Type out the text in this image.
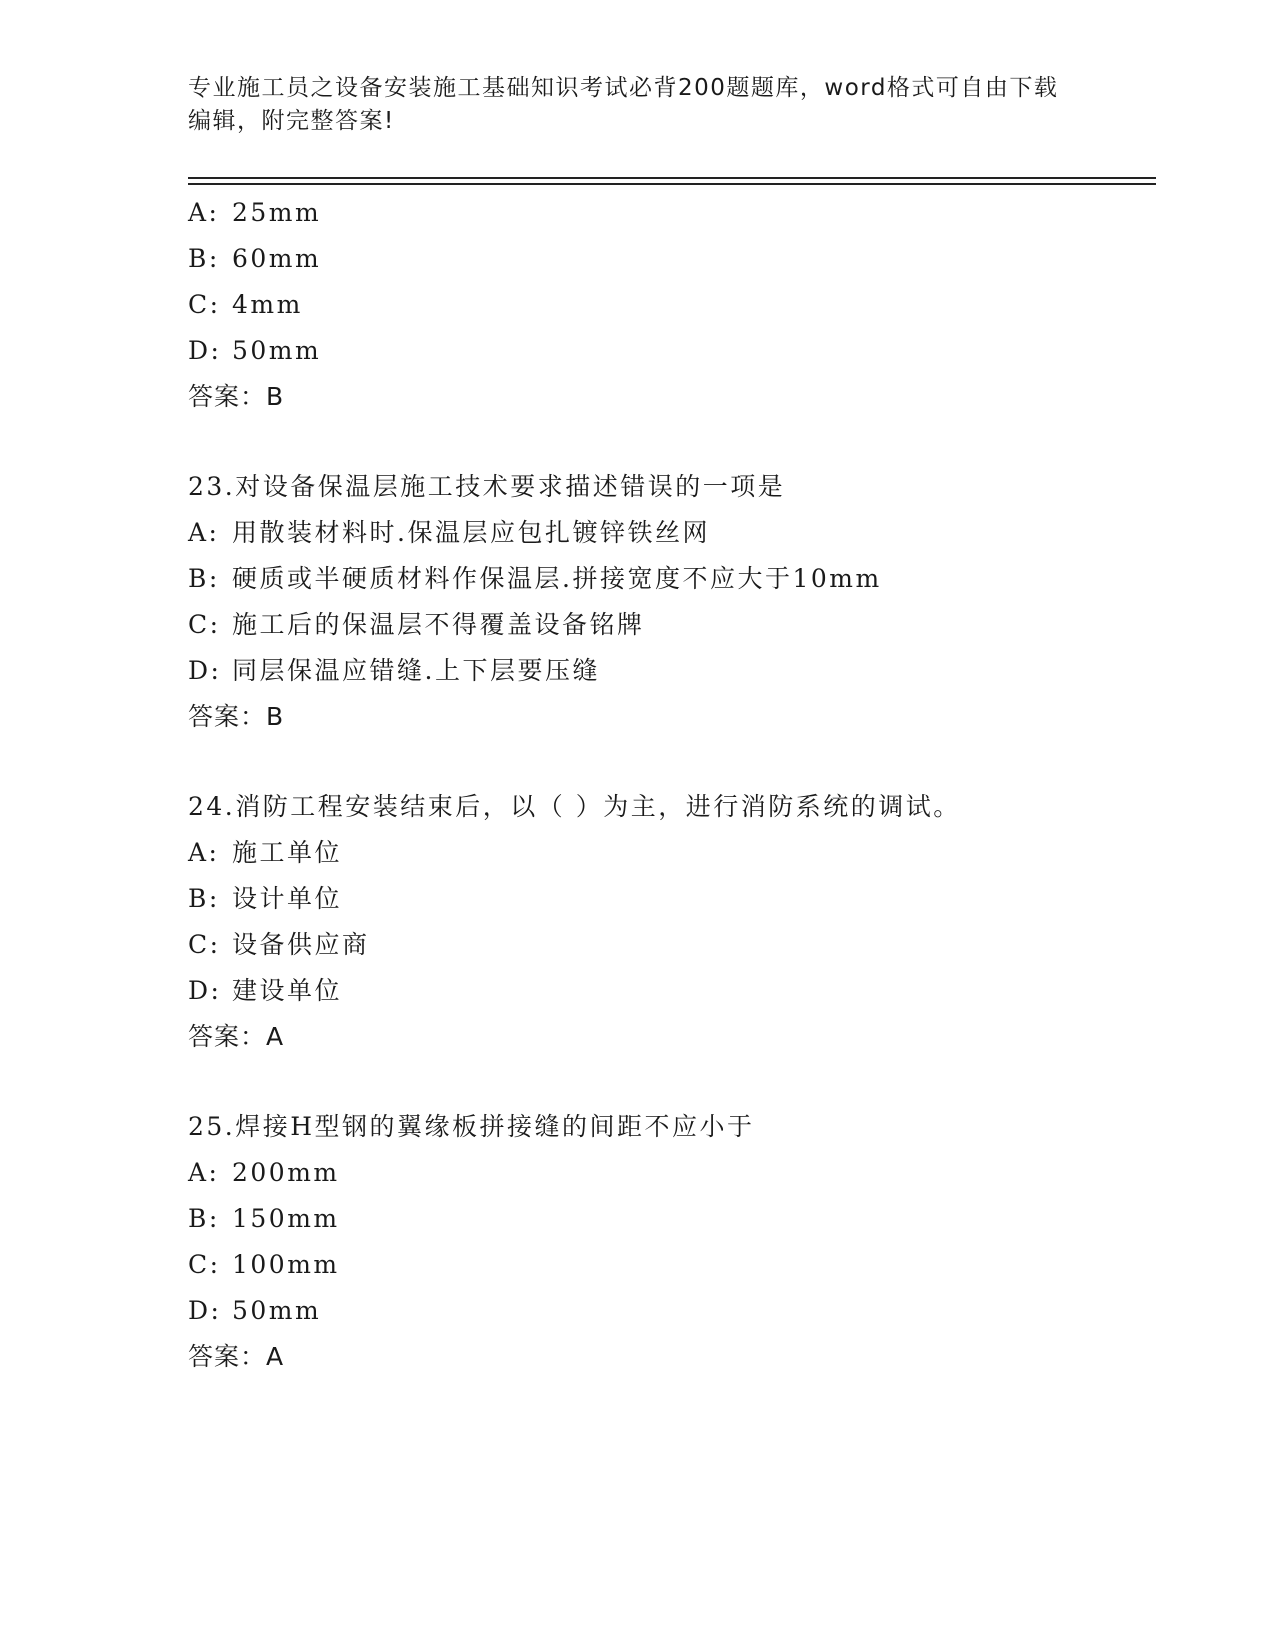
专业施工员之设备安装施工基础知识考试必背200题题库，word格式可自由下载
编辑，附完整答案!
A: 25mm
B: 60mm
C: 4mm
D: 50mm
答案：B
23.对设备保温层施工技术要求描述错误的一项是
A: 用散装材料时.保温层应包扎镀锌铁丝网
B: 硬质或半硬质材料作保温层.拼接宽度不应大于10mm
C: 施工后的保温层不得覆盖设备铭牌
D: 同层保温应错缝.上下层要压缝
答案：B
24.消防工程安装结束后，以（ ）为主，进行消防系统的调试。
A: 施工单位
B: 设计单位
C: 设备供应商
D: 建设单位
答案：A
25.焊接H型钢的翼缘板拼接缝的间距不应小于
A: 200mm
B: 150mm
C: 100mm
D: 50mm
答案：A
